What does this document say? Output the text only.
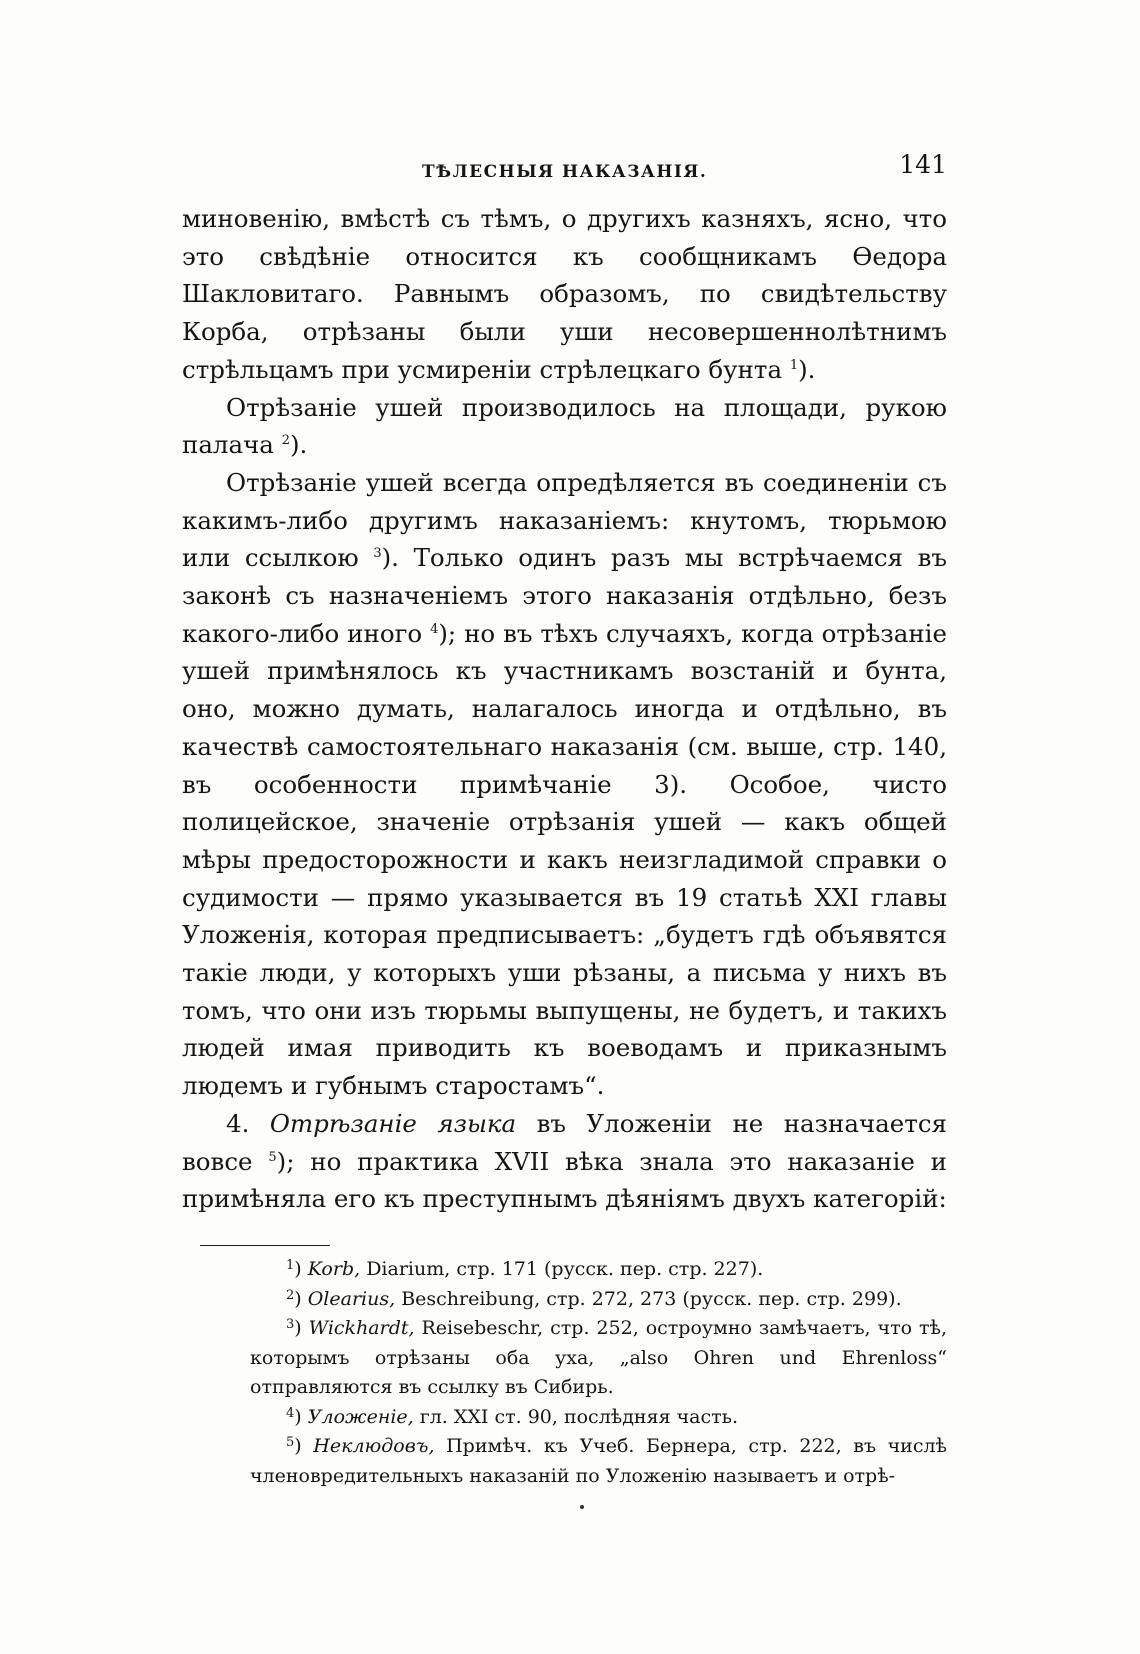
ТѢЛЕСНЫЯ НАКАЗАНІЯ.	141

миновенію, вмѣстѣ съ тѣмъ, о другихъ казняхъ, ясно, что это свѣдѣніе относится къ сообщникамъ Ѳедора Шакловитаго. Равнымъ образомъ, по свидѣтельству Корба, отрѣзаны были уши несовершеннолѣтнимъ стрѣльцамъ при усмиреніи стрѣлецкаго бунта $^1$).

Отрѣзаніе ушей производилось на площади, рукою палача $^2$).

Отрѣзаніе ушей всегда опредѣляется въ соединеніи съ какимъ-либо другимъ наказаніемъ: кнутомъ, тюрьмою или ссылкою $^3$). Только одинъ разъ мы встрѣчаемся въ законѣ съ назначеніемъ этого наказанія отдѣльно, безъ какого-либо иного $^4$); но въ тѣхъ случаяхъ, когда отрѣзаніе ушей примѣнялось къ участникамъ возстаній и бунта, оно, можно думать, налагалось иногда и отдѣльно, въ качествѣ самостоятельнаго наказанія (см. выше, стр. 140, въ особенности примѣчаніе 3). Особое, чисто полицейское, значеніе отрѣзанія ушей — какъ общей мѣры предосторожности и какъ неизгладимой справки о судимости — прямо указывается въ 19 статьѣ XXI главы Уложенія, которая предписываетъ: „будетъ гдѣ объявятся такіе люди, у которыхъ уши рѣзаны, а письма у нихъ въ томъ, что они изъ тюрьмы выпущены, не будетъ, и такихъ людей имая приводить къ воеводамъ и приказнымъ людемъ и губнымъ старостамъ“.

4. Отрѣзаніе языка въ Уложеніи не назначается вовсе $^5$); но практика XVII вѣка знала это наказаніе и примѣняла его къ преступнымъ дѣяніямъ двухъ категорій:

$^1$) Korb, Diarium, стр. 171 (русск. пер. стр. 227).

$^2$) Olearius, Beschreibung, стр. 272, 273 (русск. пер. стр. 299).

$^3$) Wickhardt, Reisebeschr, стр. 252, остроумно замѣчаетъ, что тѣ, которымъ отрѣзаны оба уха, „also Ohren und Ehrenloss“ отправляются въ ссылку въ Сибирь.

$^4$) Уложеніе, гл. XXI ст. 90, послѣдняя часть.

$^5$) Неклюдовъ, Примѣч. къ Учеб. Бернера, стр. 222, въ числѣ членовредительныхъ наказаній по Уложенію называетъ и отрѣ-
